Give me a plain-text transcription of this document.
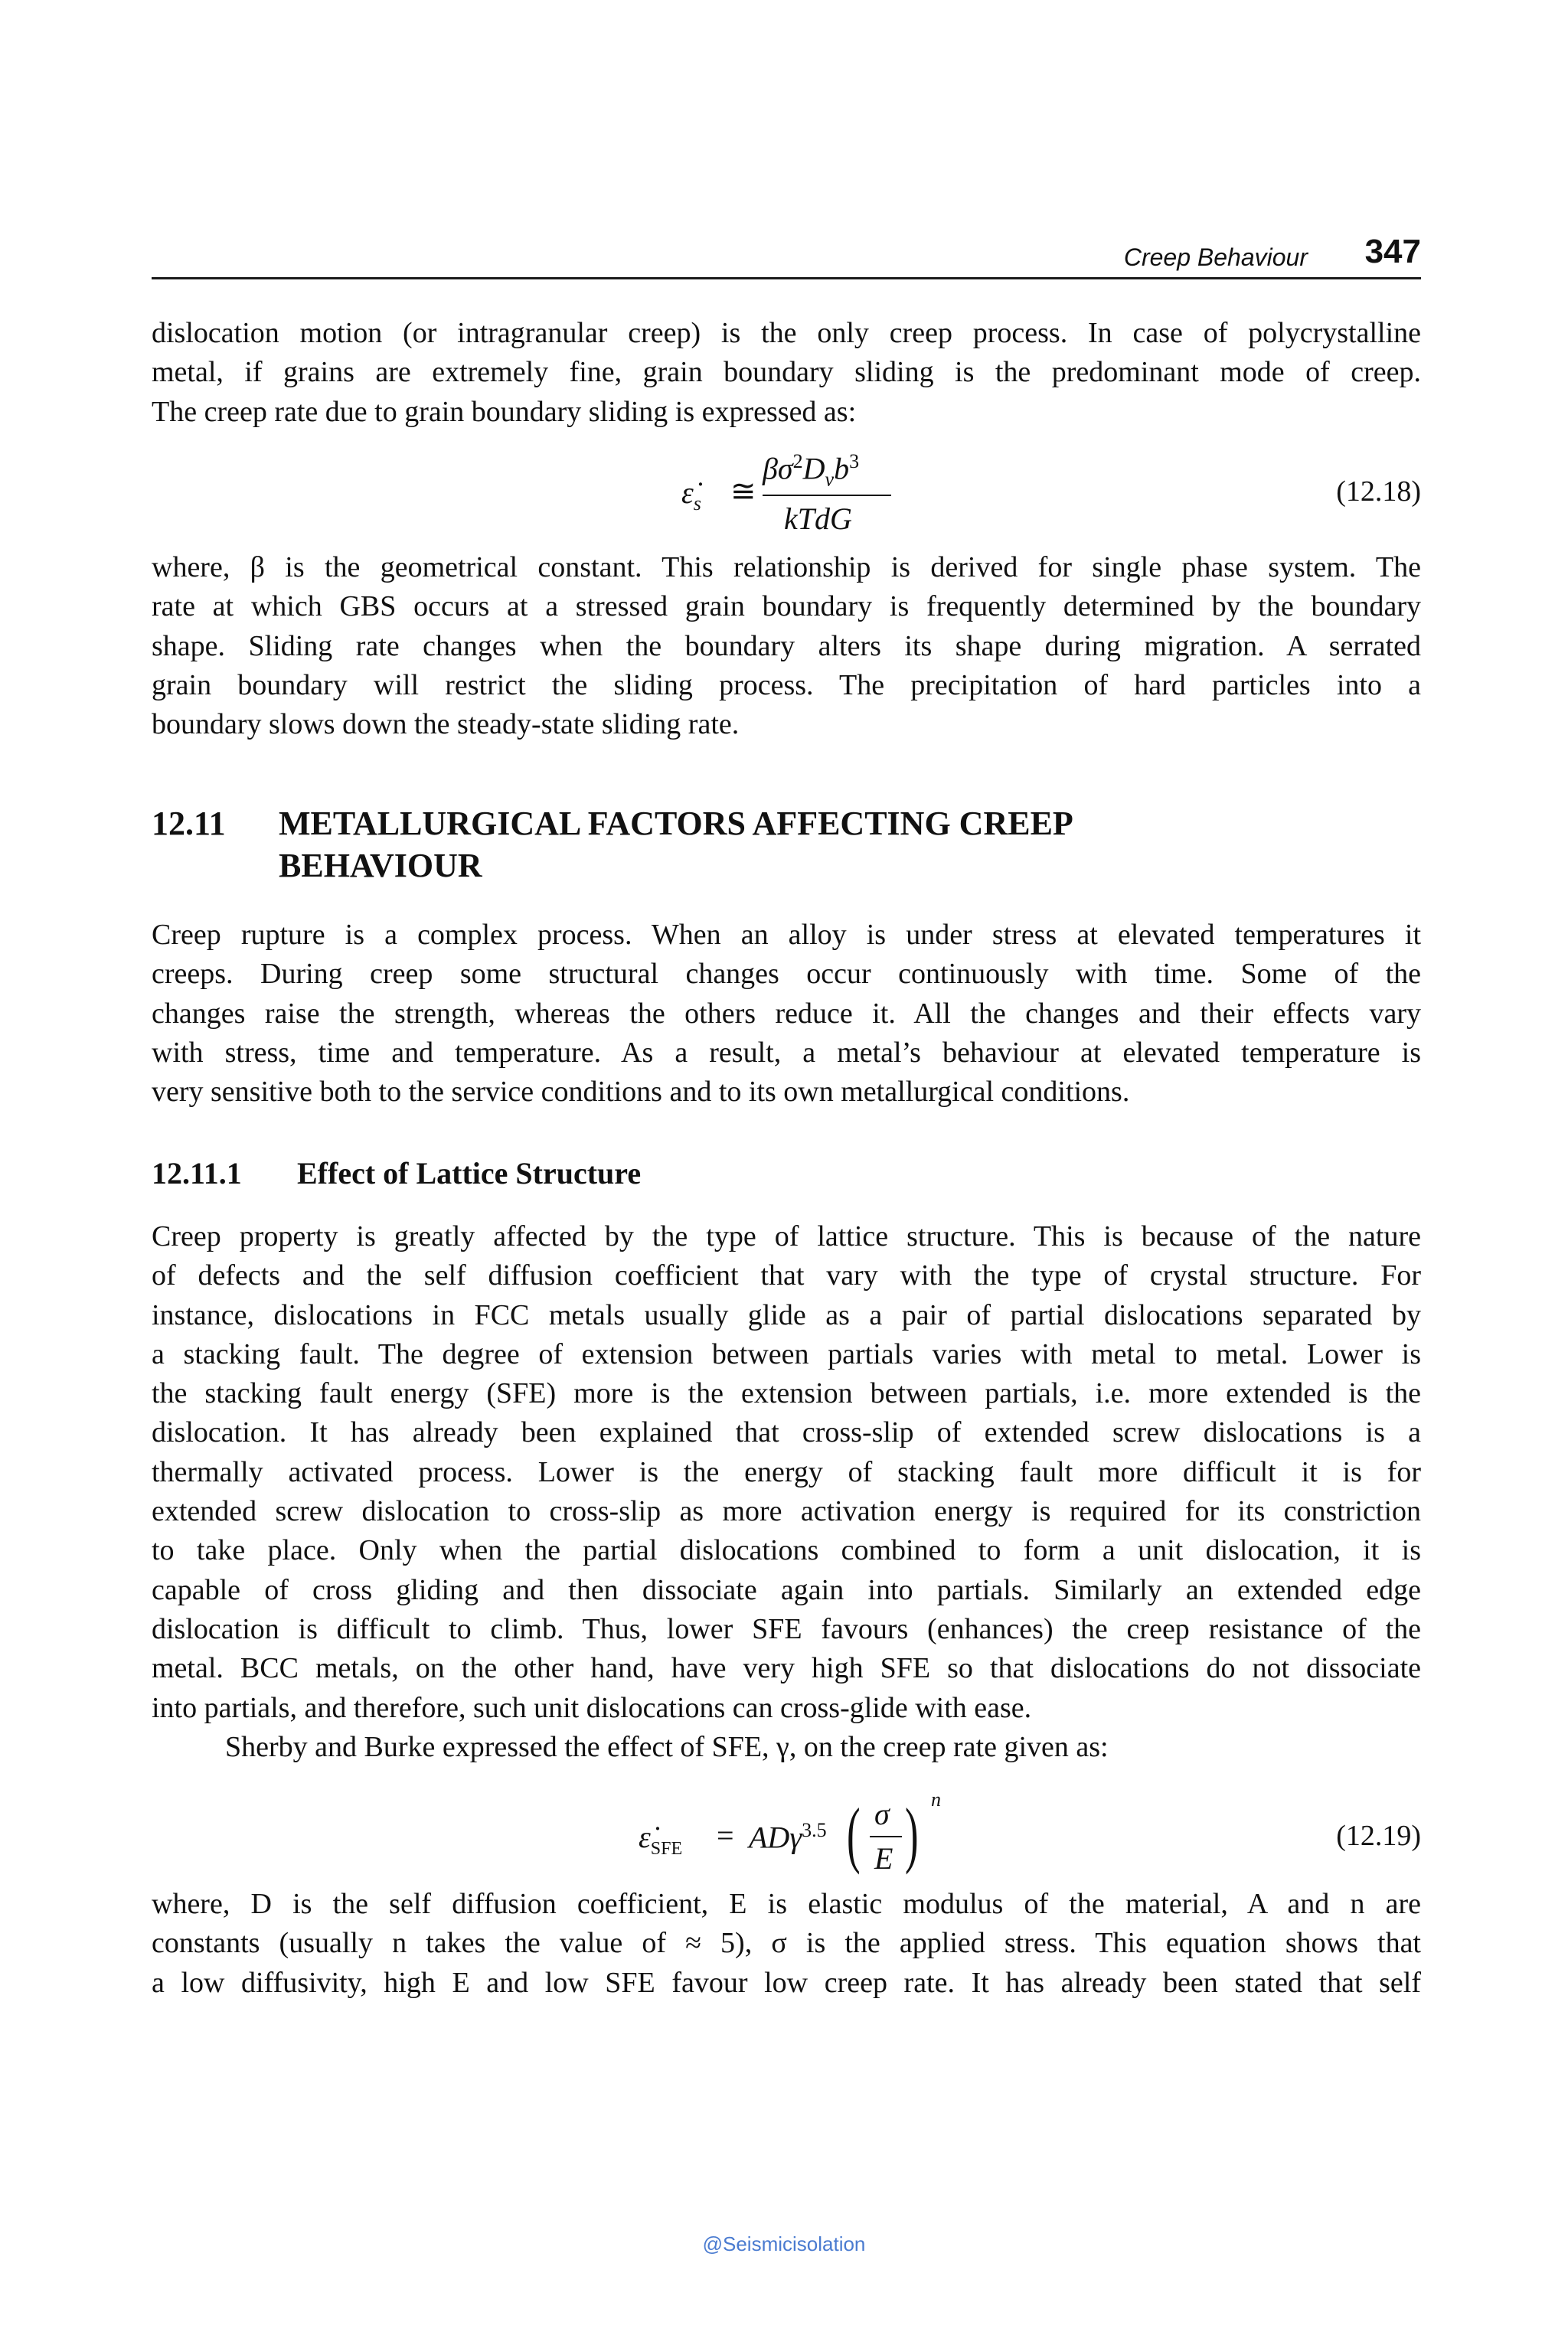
Creep Behaviour 347
dislocation motion (or intragranular creep) is the only creep process. In case of polycrystalline
metal, if grains are extremely fine, grain boundary sliding is the predominant mode of creep.
The creep rate due to grain boundary sliding is expressed as:
$\varepsiloṅ_s$ ≅
$\beta\sigma^2D_vb^3$
kTdG
(12.18)
where, β is the geometrical constant. This relationship is derived for single phase system. The
rate at which GBS occurs at a stressed grain boundary is frequently determined by the boundary
shape. Sliding rate changes when the boundary alters its shape during migration. A serrated
grain boundary will restrict the sliding process. The precipitation of hard particles into a
boundary slows down the steady-state sliding rate.
12.11 METALLURGICAL FACTORS AFFECTING CREEP
BEHAVIOUR
Creep rupture is a complex process. When an alloy is under stress at elevated temperatures it
creeps. During creep some structural changes occur continuously with time. Some of the
changes raise the strength, whereas the others reduce it. All the changes and their effects vary
with stress, time and temperature. As a result, a metal’s behaviour at elevated temperature is
very sensitive both to the service conditions and to its own metallurgical conditions.
12.11.1 Effect of Lattice Structure
Creep property is greatly affected by the type of lattice structure. This is because of the nature
of defects and the self diffusion coefficient that vary with the type of crystal structure. For
instance, dislocations in FCC metals usually glide as a pair of partial dislocations separated by
a stacking fault. The degree of extension between partials varies with metal to metal. Lower is
the stacking fault energy (SFE) more is the extension between partials, i.e. more extended is the
dislocation. It has already been explained that cross-slip of extended screw dislocations is a
thermally activated process. Lower is the energy of stacking fault more difficult it is for
extended screw dislocation to cross-slip as more activation energy is required for its constriction
to take place. Only when the partial dislocations combined to form a unit dislocation, it is
capable of cross gliding and then dissociate again into partials. Similarly an extended edge
dislocation is difficult to climb. Thus, lower SFE favours (enhances) the creep resistance of the
metal. BCC metals, on the other hand, have very high SFE so that dislocations do not dissociate
into partials, and therefore, such unit dislocations can cross-glide with ease.
Sherby and Burke expressed the effect of SFE, γ, on the creep rate given as:
$\varepsiloṅ_{SFE} = AD\gamma^{3.5}$ ( σ
E ) n
(12.19)
where, D is the self diffusion coefficient, E is elastic modulus of the material, A and n are
constants (usually n takes the value of ≈ 5), σ is the applied stress. This equation shows that
a low diffusivity, high E and low SFE favour low creep rate. It has already been stated that self
@Seismicisolation
